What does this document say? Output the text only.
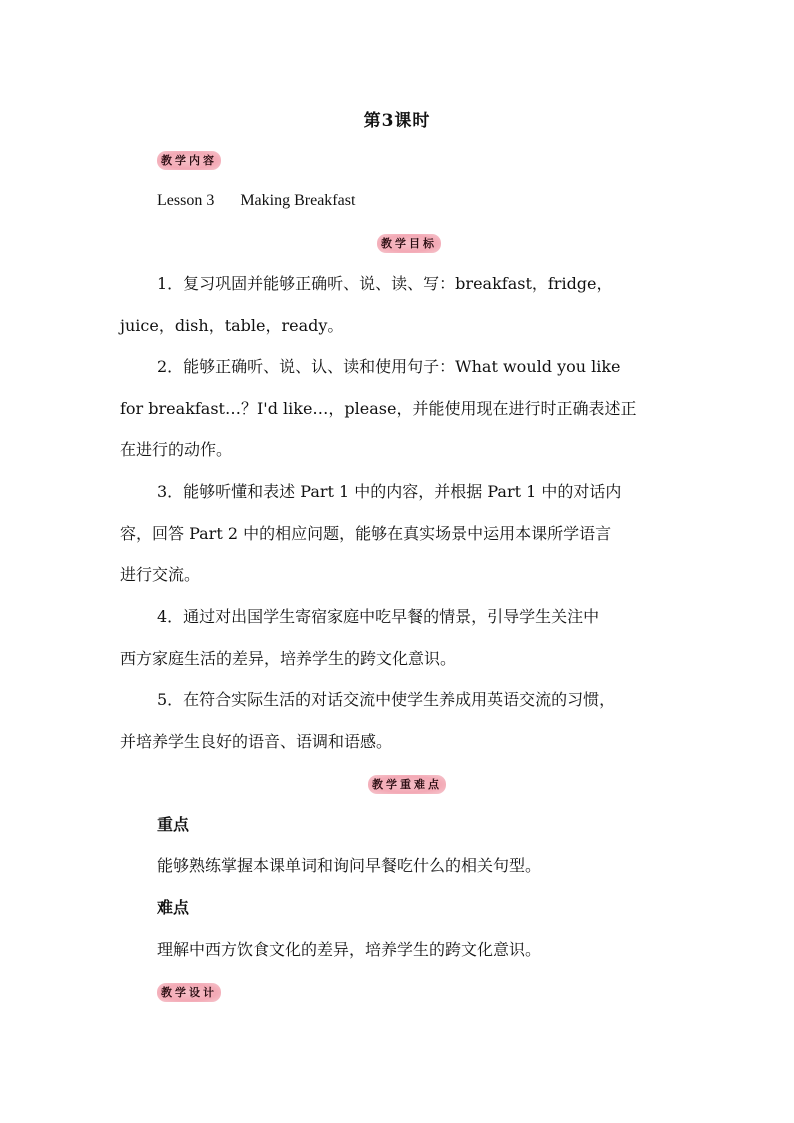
第3课时
教学内容
Lesson 3 Making Breakfast
教学目标
1．复习巩固并能够正确听、说、读、写：breakfast，fridge，
juice，dish，table，ready。
2．能够正确听、说、认、读和使用句子：What would you like
for breakfast…？I'd like…，please，并能使用现在进行时正确表述正
在进行的动作。
3．能够听懂和表述 Part 1 中的内容，并根据 Part 1 中的对话内
容，回答 Part 2 中的相应问题，能够在真实场景中运用本课所学语言
进行交流。
4．通过对出国学生寄宿家庭中吃早餐的情景，引导学生关注中
西方家庭生活的差异，培养学生的跨文化意识。
5．在符合实际生活的对话交流中使学生养成用英语交流的习惯，
并培养学生良好的语音、语调和语感。
教学重难点
重点
能够熟练掌握本课单词和询问早餐吃什么的相关句型。
难点
理解中西方饮食文化的差异，培养学生的跨文化意识。
教学设计
